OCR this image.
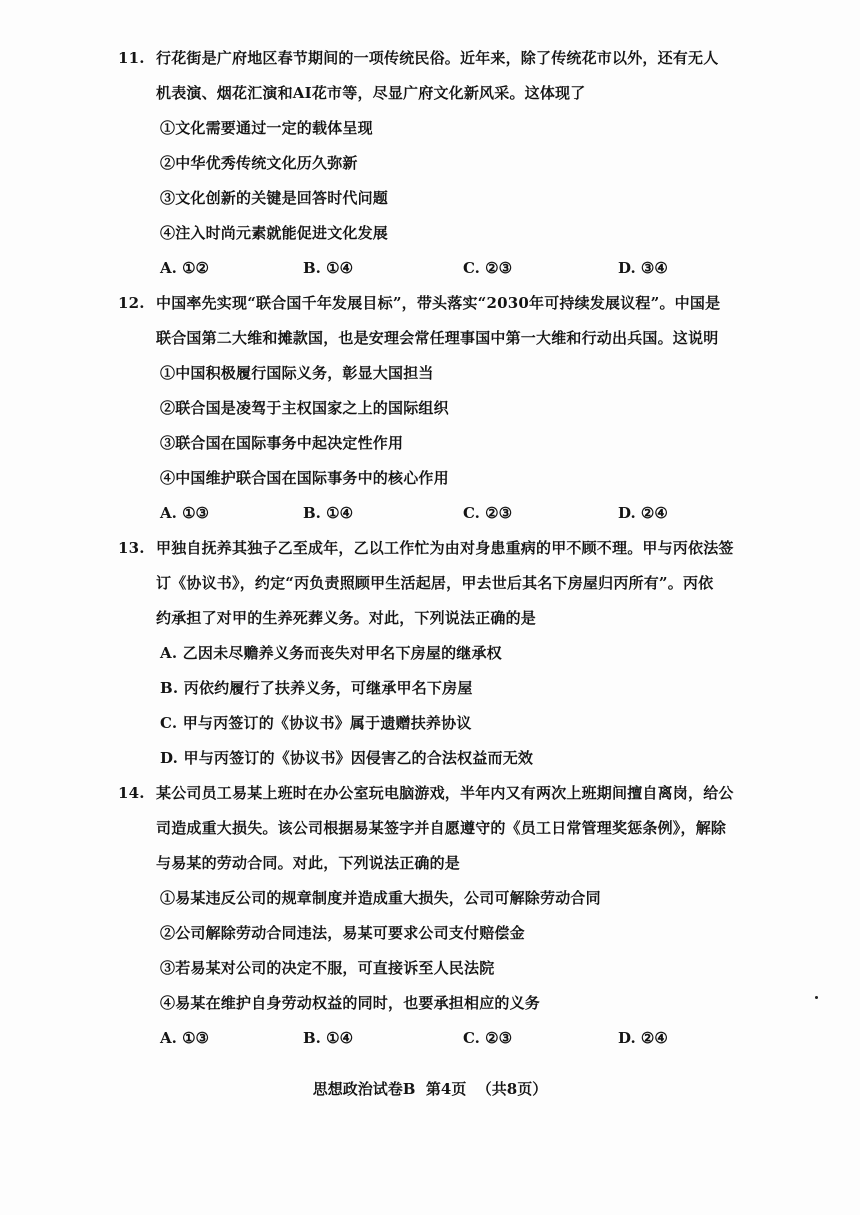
11. 行花街是广府地区春节期间的一项传统民俗。近年来，除了传统花市以外，还有无人
机表演、烟花汇演和AI花市等，尽显广府文化新风采。这体现了
①文化需要通过一定的载体呈现
②中华优秀传统文化历久弥新
③文化创新的关键是回答时代问题
④注入时尚元素就能促进文化发展
A. ①②	B. ①④	C. ②③	D. ③④
12. 中国率先实现“联合国千年发展目标”，带头落实“2030年可持续发展议程”。中国是
联合国第二大维和摊款国，也是安理会常任理事国中第一大维和行动出兵国。这说明
①中国积极履行国际义务，彰显大国担当
②联合国是凌驾于主权国家之上的国际组织
③联合国在国际事务中起决定性作用
④中国维护联合国在国际事务中的核心作用
A. ①③	B. ①④	C. ②③	D. ②④
13. 甲独自抚养其独子乙至成年，乙以工作忙为由对身患重病的甲不顾不理。甲与丙依法签
订《协议书》，约定“丙负责照顾甲生活起居，甲去世后其名下房屋归丙所有”。丙依
约承担了对甲的生养死葬义务。对此，下列说法正确的是
A. 乙因未尽赡养义务而丧失对甲名下房屋的继承权
B. 丙依约履行了扶养义务，可继承甲名下房屋
C. 甲与丙签订的《协议书》属于遗赠扶养协议
D. 甲与丙签订的《协议书》因侵害乙的合法权益而无效
14. 某公司员工易某上班时在办公室玩电脑游戏，半年内又有两次上班期间擅自离岗，给公
司造成重大损失。该公司根据易某签字并自愿遵守的《员工日常管理奖惩条例》，解除
与易某的劳动合同。对此，下列说法正确的是
①易某违反公司的规章制度并造成重大损失，公司可解除劳动合同
②公司解除劳动合同违法，易某可要求公司支付赔偿金
③若易某对公司的决定不服，可直接诉至人民法院
④易某在维护自身劳动权益的同时，也要承担相应的义务
A. ①③	B. ①④	C. ②③	D. ②④
思想政治试卷B  第4页  （共8页）
